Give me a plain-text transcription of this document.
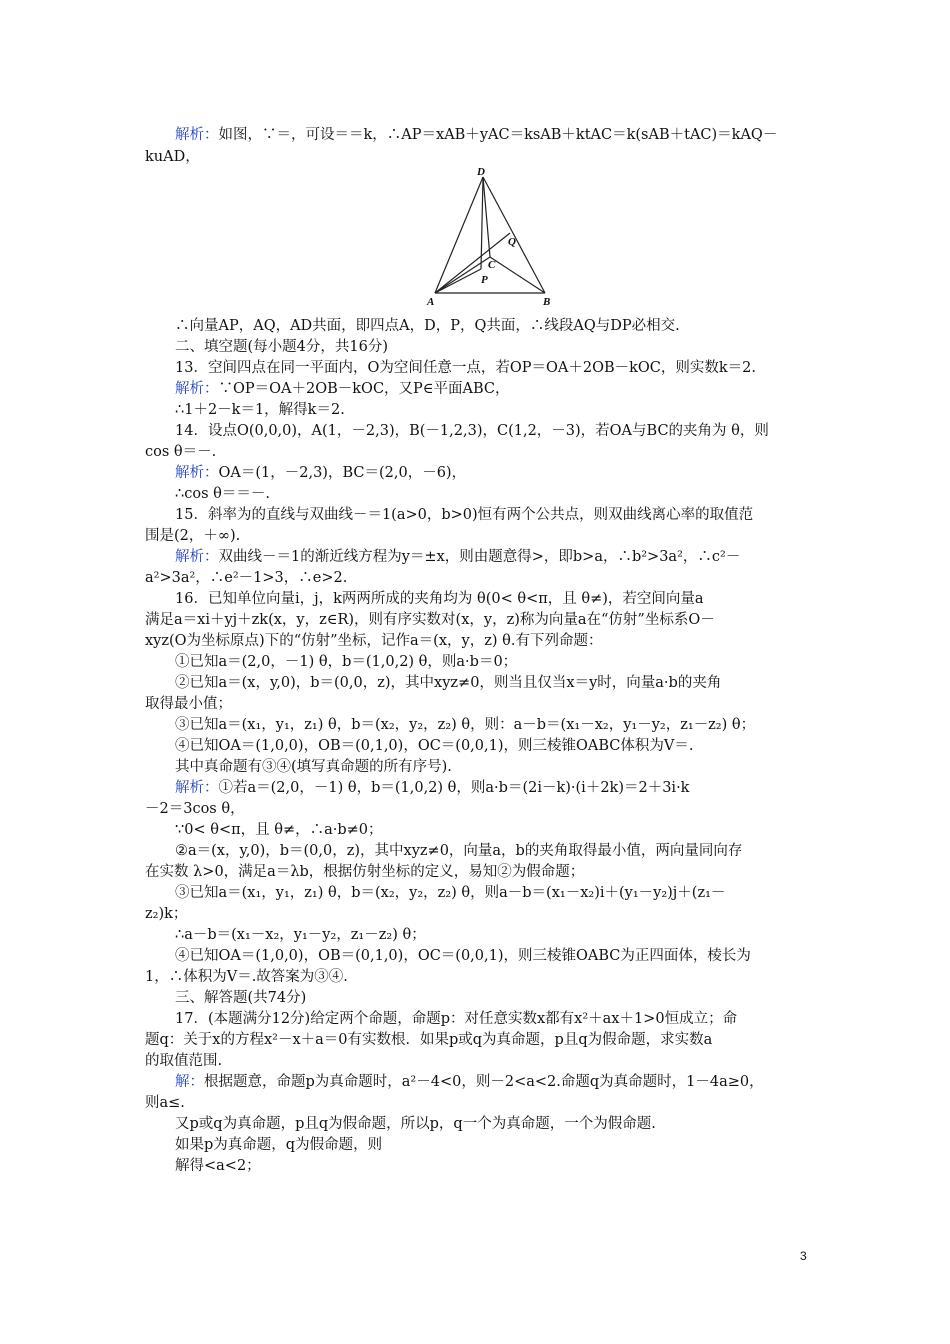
解析：如图，∵＝，可设＝＝k，∴AP＝xAB＋yAC＝ksAB＋ktAC＝k(sAB＋tAC)＝kAQ－
kuAD，
D
Q
C
P
A	B
∴向量AP，AQ，AD共面，即四点A，D，P，Q共面，∴线段AQ与DP必相交.
二、填空题(每小题4分，共16分)
13．空间四点在同一平面内，O为空间任意一点，若OP＝OA＋2OB－kOC，则实数k＝2.
解析：∵OP＝OA＋2OB－kOC，又P∈平面ABC，
∴1＋2－k＝1，解得k＝2.
14．设点O(0,0,0)，A(1，－2,3)，B(－1,2,3)，C(1,2，－3)，若OA与BC的夹角为 θ，则
cos θ＝－.
解析：OA＝(1，－2,3)，BC＝(2,0，－6)，
∴cos θ＝＝－.
15．斜率为的直线与双曲线－＝1(a>0，b>0)恒有两个公共点，则双曲线离心率的取值范
围是(2，＋∞).
解析：双曲线－＝1的渐近线方程为y＝±x，则由题意得>，即b>a，∴b²>3a²，∴c²－
a²>3a²，∴e²－1>3，∴e>2.
16．已知单位向量i，j，k两两所成的夹角均为 θ(0< θ<π，且 θ≠)，若空间向量a
满足a＝xi＋yj＋zk(x，y，z∈R)，则有序实数对(x，y，z)称为向量a在“仿射”坐标系O－
xyz(O为坐标原点)下的“仿射”坐标，记作a＝(x，y，z) θ.有下列命题：
①已知a＝(2,0，－1) θ，b＝(1,0,2) θ，则a·b＝0；
②已知a＝(x，y,0)，b＝(0,0，z)，其中xyz≠0，则当且仅当x＝y时，向量a·b的夹角
取得最小值；
③已知a＝(x₁，y₁，z₁) θ，b＝(x₂，y₂，z₂) θ，则：a－b＝(x₁－x₂，y₁－y₂，z₁－z₂) θ；
④已知OA＝(1,0,0)，OB＝(0,1,0)，OC＝(0,0,1)，则三棱锥OABC体积为V＝.
其中真命题有③④(填写真命题的所有序号).
解析：①若a＝(2,0，－1) θ，b＝(1,0,2) θ，则a·b＝(2i－k)·(i＋2k)＝2＋3i·k
－2＝3cos θ，
∵0< θ<π，且 θ≠，∴a·b≠0；
②a＝(x，y,0)，b＝(0,0，z)，其中xyz≠0，向量a，b的夹角取得最小值，两向量同向存
在实数 λ>0，满足a＝λb，根据仿射坐标的定义，易知②为假命题；
③已知a＝(x₁，y₁，z₁) θ，b＝(x₂，y₂，z₂) θ，则a－b＝(x₁－x₂)i＋(y₁－y₂)j＋(z₁－
z₂)k；
∴a－b＝(x₁－x₂，y₁－y₂，z₁－z₂) θ；
④已知OA＝(1,0,0)，OB＝(0,1,0)，OC＝(0,0,1)，则三棱锥OABC为正四面体，棱长为
1，∴体积为V＝.故答案为③④.
三、解答题(共74分)
17．(本题满分12分)给定两个命题，命题p：对任意实数x都有x²＋ax＋1>0恒成立；命
题q：关于x的方程x²－x＋a＝0有实数根．如果p或q为真命题，p且q为假命题，求实数a
的取值范围.
解：根据题意，命题p为真命题时，a²－4<0，则－2<a<2.命题q为真命题时，1－4a≥0，
则a≤.
又p或q为真命题，p且q为假命题，所以p，q一个为真命题，一个为假命题.
如果p为真命题，q为假命题，则
解得<a<2；
3
